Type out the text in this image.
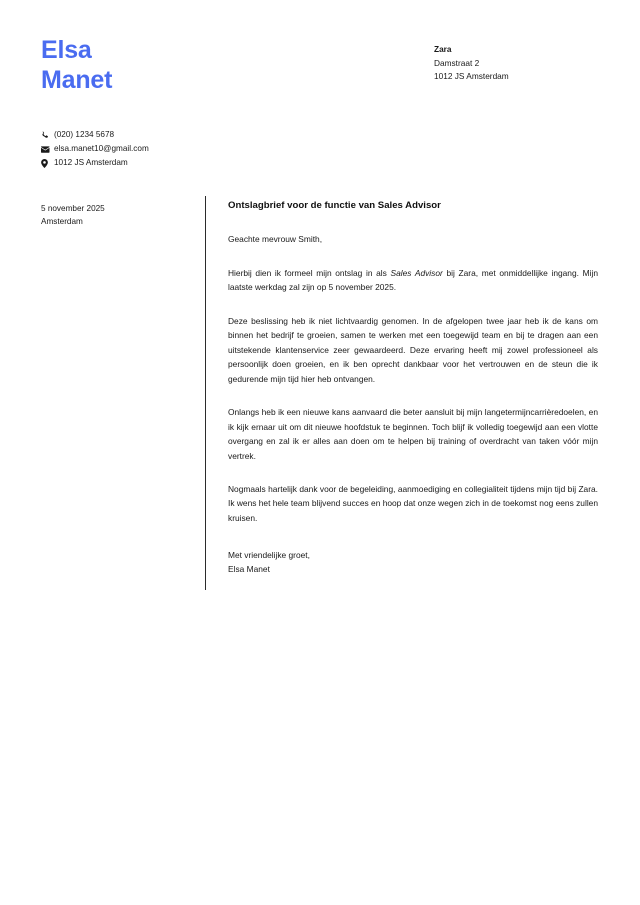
Elsa
Manet
Zara
Damstraat 2
1012 JS Amsterdam
(020) 1234 5678
elsa.manet10@gmail.com
1012 JS Amsterdam
5 november 2025
Amsterdam
Ontslagbrief voor de functie van Sales Advisor

Geachte mevrouw Smith,

Hierbij dien ik formeel mijn ontslag in als Sales Advisor bij Zara, met onmiddellijke ingang. Mijn laatste werkdag zal zijn op 5 november 2025.

Deze beslissing heb ik niet lichtvaardig genomen. In de afgelopen twee jaar heb ik de kans om binnen het bedrijf te groeien, samen te werken met een toegewijd team en bij te dragen aan een uitstekende klantenservice zeer gewaardeerd. Deze ervaring heeft mij zowel professioneel als persoonlijk doen groeien, en ik ben oprecht dankbaar voor het vertrouwen en de steun die ik gedurende mijn tijd hier heb ontvangen.

Onlangs heb ik een nieuwe kans aanvaard die beter aansluit bij mijn langetermijncarrièredoelen, en ik kijk ernaar uit om dit nieuwe hoofdstuk te beginnen. Toch blijf ik volledig toegewijd aan een vlotte overgang en zal ik er alles aan doen om te helpen bij training of overdracht van taken vóór mijn vertrek.

Nogmaals hartelijk dank voor de begeleiding, aanmoediging en collegialiteit tijdens mijn tijd bij Zara. Ik wens het hele team blijvend succes en hoop dat onze wegen zich in de toekomst nog eens zullen kruisen.

Met vriendelijke groet,
Elsa Manet
